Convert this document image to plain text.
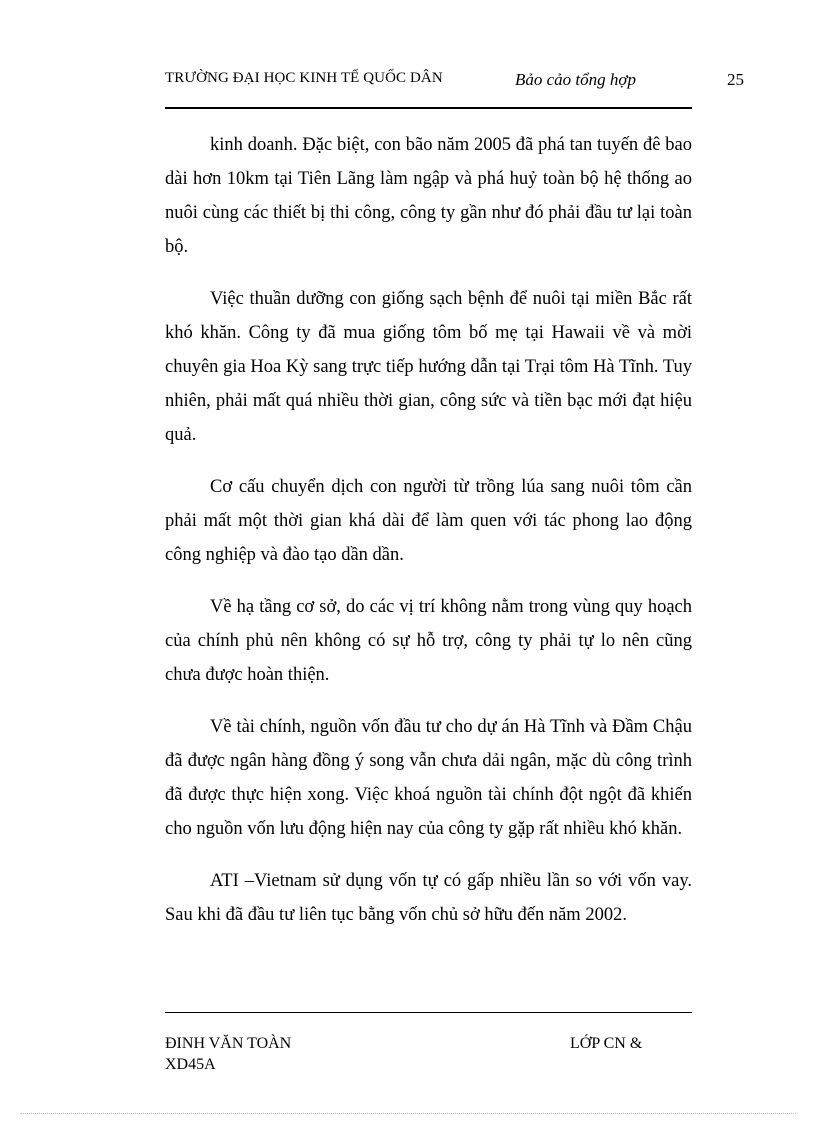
TRƯỜNG ĐẠI HỌC KINH TẾ QUỐC DÂN	Bảo cảo tổng hợp	25

kinh doanh. Đặc biệt, con bão năm 2005 đã phá tan tuyến đê bao dài hơn 10km tại Tiên Lãng làm ngập và phá huỷ toàn bộ hệ thống ao nuôi cùng các thiết bị thi công, công ty gần như đó phải đầu tư lại toàn bộ.

Việc thuần dưỡng con giống sạch bệnh để nuôi tại miền Bắc rất khó khăn. Công ty đã mua giống tôm bố mẹ tại Hawaii về và mời chuyên gia Hoa Kỳ sang trực tiếp hướng dẫn tại Trại tôm Hà Tĩnh. Tuy nhiên, phải mất quá nhiều thời gian, công sức và tiền bạc mới đạt hiệu quả.

Cơ cấu chuyển dịch con người từ trồng lúa sang nuôi tôm cần phải mất một thời gian khá dài để làm quen với tác phong lao động công nghiệp và đào tạo dần dần.

Về hạ tầng cơ sở, do các vị trí không nằm trong vùng quy hoạch của chính phủ nên không có sự hỗ trợ, công ty phải tự lo nên cũng chưa được hoàn thiện.

Về tài chính, nguồn vốn đầu tư cho dự án Hà Tĩnh và Đầm Chậu đã được ngân hàng đồng ý song vẫn chưa dải ngân, mặc dù công trình đã được thực hiện xong. Việc khoá nguồn tài chính đột ngột đã khiến cho nguồn vốn lưu động hiện nay của công ty gặp rất nhiều khó khăn.

ATI –Vietnam sử dụng vốn tự có gấp nhiều lần so với vốn vay. Sau khi đã đầu tư liên tục bằng vốn chủ sở hữu đến năm 2002.

ĐINH VĂN TOÀN	LỚP CN &
XD45A
